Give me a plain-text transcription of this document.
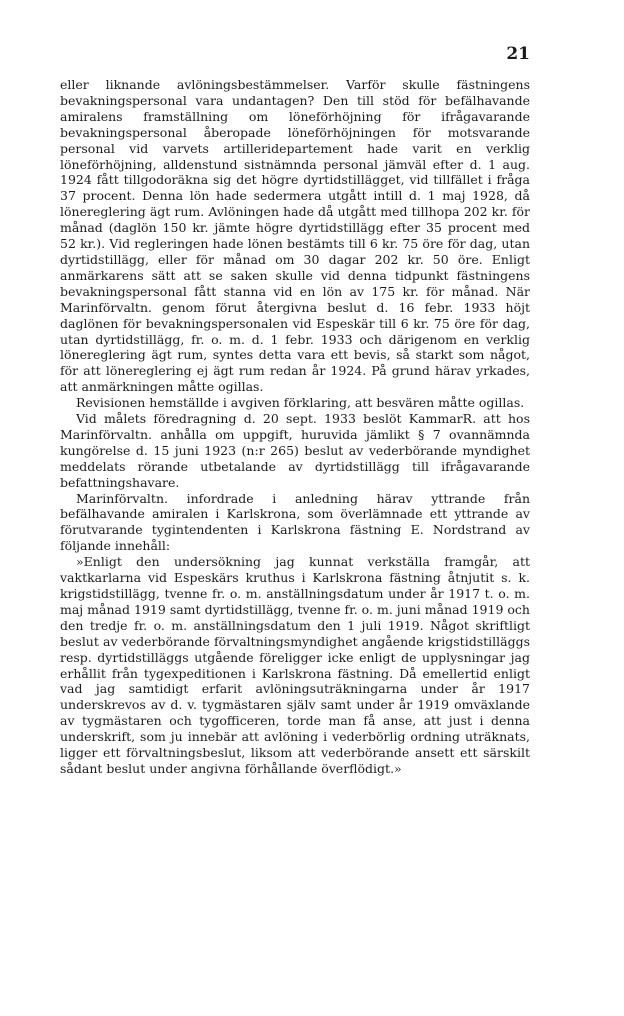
21

eller liknande avlöningsbestämmelser. Varför skulle fästningens bevakningspersonal vara undantagen? Den till stöd för befälhavande amiralens framställning om löneförhöjning för ifrågavarande bevakningspersonal åberopade löneförhöjningen för motsvarande personal vid varvets artilleridepartement hade varit en verklig löneförhöjning, alldenstund sistnämnda personal jämväl efter d. 1 aug. 1924 fått tillgodoräkna sig det högre dyrtidstillägget, vid tillfället i fråga 37 procent. Denna lön hade sedermera utgått intill d. 1 maj 1928, då lönereglering ägt rum. Avlöningen hade då utgått med tillhopa 202 kr. för månad (daglön 150 kr. jämte högre dyrtidstillägg efter 35 procent med 52 kr.). Vid regleringen hade lönen bestämts till 6 kr. 75 öre för dag, utan dyrtidstillägg, eller för månad om 30 dagar 202 kr. 50 öre. Enligt anmärkarens sätt att se saken skulle vid denna tidpunkt fästningens bevakningspersonal fått stanna vid en lön av 175 kr. för månad. När Marinförvaltn. genom förut återgivna beslut d. 16 febr. 1933 höjt daglönen för bevakningspersonalen vid Espeskär till 6 kr. 75 öre för dag, utan dyrtidstillägg, fr. o. m. d. 1 febr. 1933 och därigenom en verklig lönereglering ägt rum, syntes detta vara ett bevis, så starkt som något, för att lönereglering ej ägt rum redan år 1924. På grund härav yrkades, att anmärkningen måtte ogillas.

Revisionen hemställde i avgiven förklaring, att besvären måtte ogillas.

Vid målets föredragning d. 20 sept. 1933 beslöt KammarR. att hos Marinförvaltn. anhålla om uppgift, huruvida jämlikt § 7 ovannämnda kungörelse d. 15 juni 1923 (n:r 265) beslut av vederbörande myndighet meddelats rörande utbetalande av dyrtidstillägg till ifrågavarande befattningshavare.

Marinförvaltn. infordrade i anledning härav yttrande från befälhavande amiralen i Karlskrona, som överlämnade ett yttrande av förutvarande tygintendenten i Karlskrona fästning E. Nordstrand av följande innehåll:

»Enligt den undersökning jag kunnat verkställa framgår, att vaktkarlarna vid Espeskärs kruthus i Karlskrona fästning åtnjutit s. k. krigstidstillägg, tvenne fr. o. m. anställningsdatum under år 1917 t. o. m. maj månad 1919 samt dyrtidstillägg, tvenne fr. o. m. juni månad 1919 och den tredje fr. o. m. anställningsdatum den 1 juli 1919. Något skriftligt beslut av vederbörande förvaltningsmyndighet angående krigstidstilläggs resp. dyrtidstilläggs utgående föreligger icke enligt de upplysningar jag erhållit från tygexpeditionen i Karlskrona fästning. Då emellertid enligt vad jag samtidigt erfarit avlöningsuträkningarna under år 1917 underskrevos av d. v. tygmästaren själv samt under år 1919 omväxlande av tygmästaren och tygofficeren, torde man få anse, att just i denna underskrift, som ju innebär att avlöning i vederbörlig ordning uträknats, ligger ett förvaltningsbeslut, liksom att vederbörande ansett ett särskilt sådant beslut under angivna förhållande överflödigt.»
